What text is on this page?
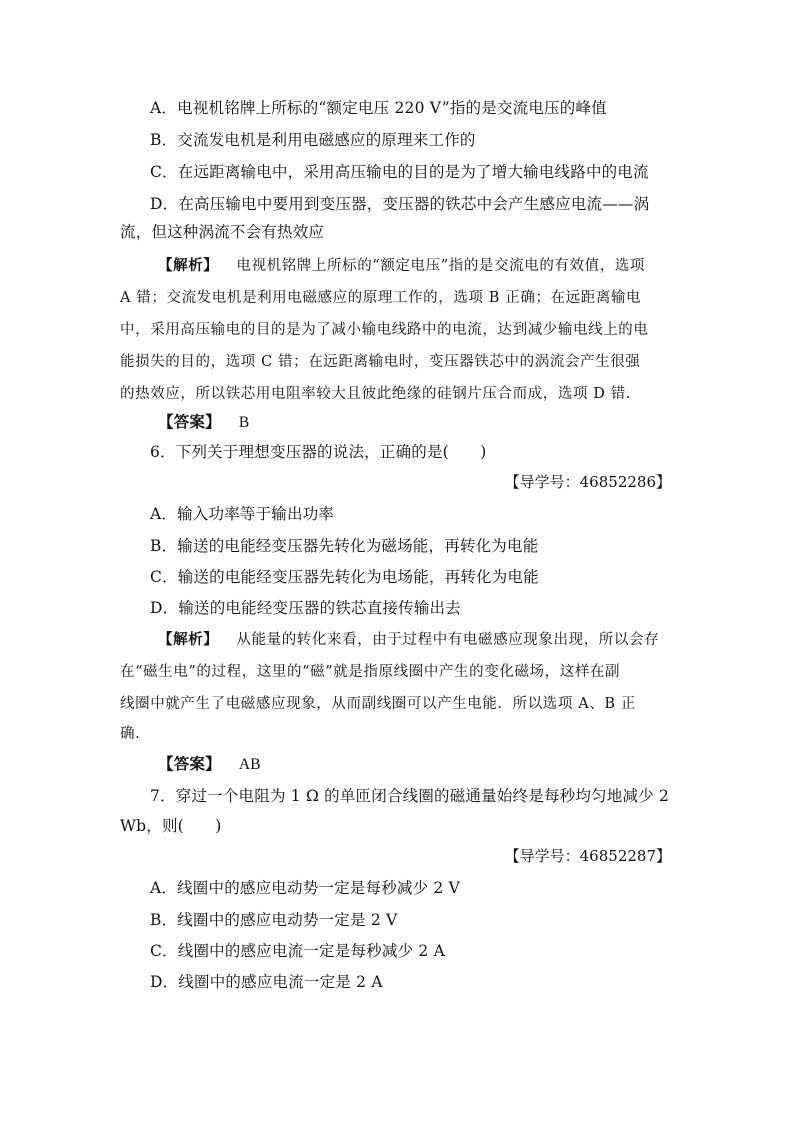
A．电视机铭牌上所标的“额定电压 220 V”指的是交流电压的峰值
B．交流发电机是利用电磁感应的原理来工作的
C．在远距离输电中，采用高压输电的目的是为了增大输电线路中的电流
D．在高压输电中要用到变压器，变压器的铁芯中会产生感应电流——涡
流，但这种涡流不会有热效应
【解析】 电视机铭牌上所标的“额定电压”指的是交流电的有效值，选项
A 错；交流发电机是利用电磁感应的原理工作的，选项 B 正确；在远距离输电
中，采用高压输电的目的是为了减小输电线路中的电流，达到减少输电线上的电
能损失的目的，选项 C 错；在远距离输电时，变压器铁芯中的涡流会产生很强
的热效应，所以铁芯用电阻率较大且彼此绝缘的硅钢片压合而成，选项 D 错.
【答案】 B
6．下列关于理想变压器的说法，正确的是(　　)
【导学号：46852286】
A．输入功率等于输出功率
B．输送的电能经变压器先转化为磁场能，再转化为电能
C．输送的电能经变压器先转化为电场能，再转化为电能
D．输送的电能经变压器的铁芯直接传输出去
【解析】 从能量的转化来看，由于过程中有电磁感应现象出现，所以会存
在“磁生电”的过程，这里的“磁”就是指原线圈中产生的变化磁场，这样在副
线圈中就产生了电磁感应现象，从而副线圈可以产生电能．所以选项 A、B 正
确.
【答案】 AB
7．穿过一个电阻为 1 Ω 的单匝闭合线圈的磁通量始终是每秒均匀地减少 2
Wb，则(　　)
【导学号：46852287】
A．线圈中的感应电动势一定是每秒减少 2 V
B．线圈中的感应电动势一定是 2 V
C．线圈中的感应电流一定是每秒减少 2 A
D．线圈中的感应电流一定是 2 A
